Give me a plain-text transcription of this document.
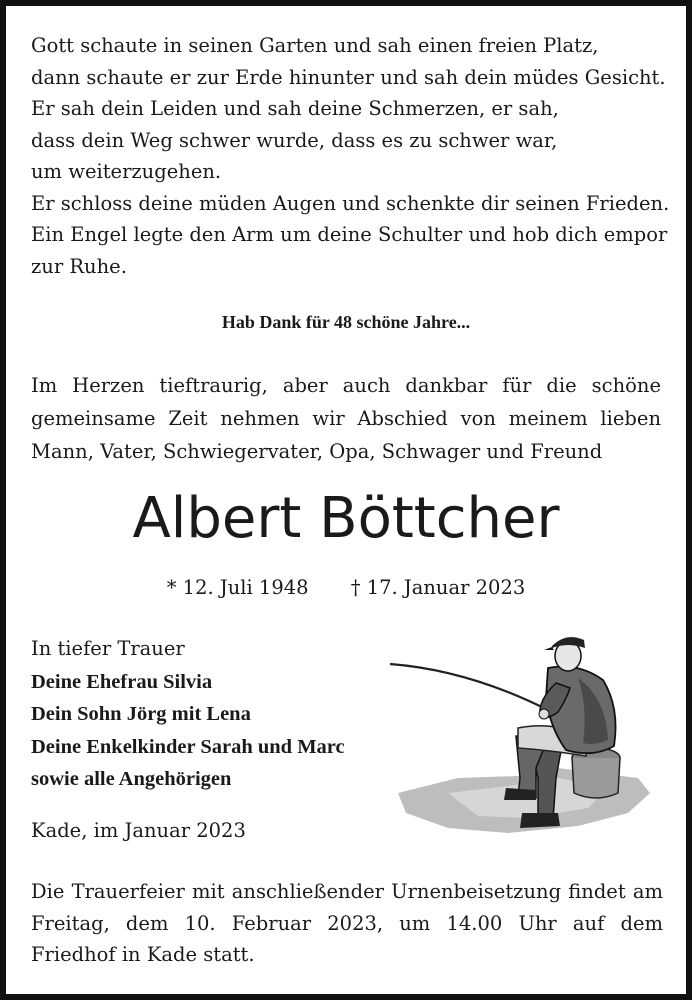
Gott schaute in seinen Garten und sah einen freien Platz,
dann schaute er zur Erde hinunter und sah dein müdes Gesicht.
Er sah dein Leiden und sah deine Schmerzen, er sah,
dass dein Weg schwer wurde, dass es zu schwer war,
um weiterzugehen.
Er schloss deine müden Augen und schenkte dir seinen Frieden.
Ein Engel legte den Arm um deine Schulter und hob dich empor
zur Ruhe.
Hab Dank für 48 schöne Jahre...

Im Herzen tieftraurig, aber auch dankbar für die schöne gemeinsame Zeit nehmen wir Abschied von meinem lieben Mann, Vater, Schwiegervater, Opa, Schwager und Freund

Albert Böttcher
* 12. Juli 1948 † 17. Januar 2023
In tiefer Trauer
Deine Ehefrau Silvia
Dein Sohn Jörg mit Lena
Deine Enkelkinder Sarah und Marc
sowie alle Angehörigen
Kade, im Januar 2023

Die Trauerfeier mit anschließender Urnenbeisetzung findet am Freitag, dem 10. Februar 2023, um 14.00 Uhr auf dem Friedhof in Kade statt.
